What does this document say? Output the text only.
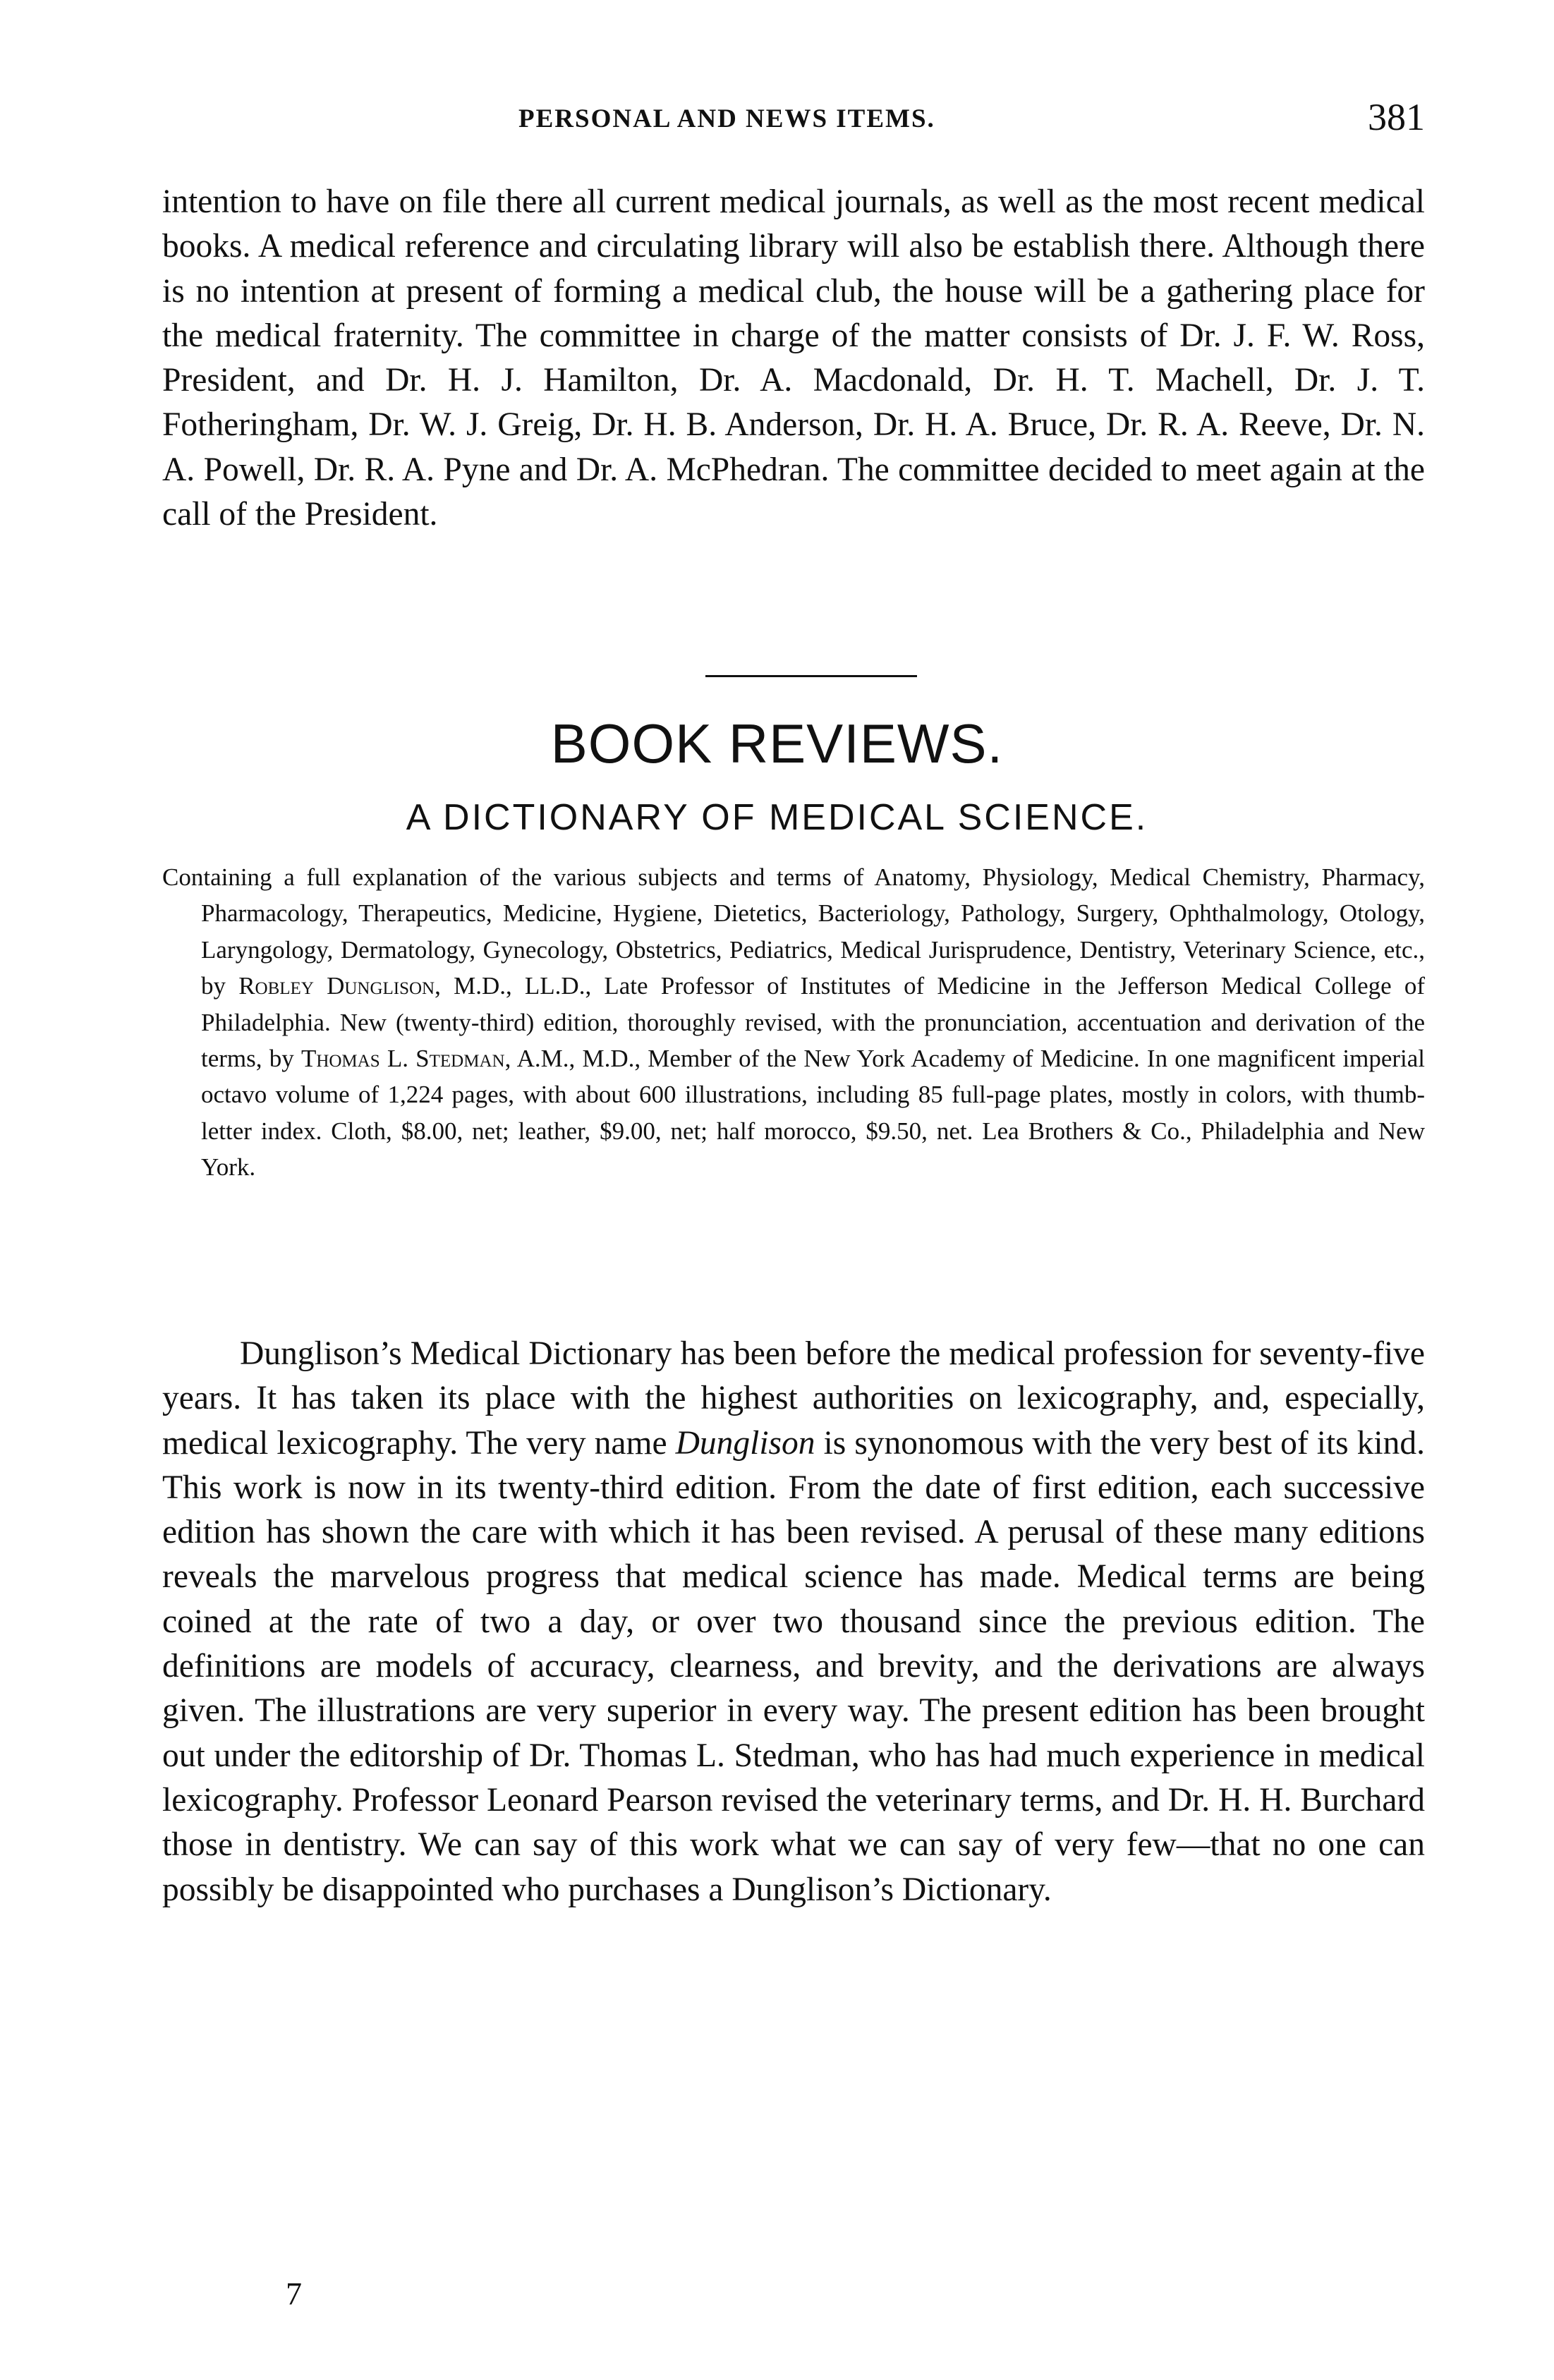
PERSONAL AND NEWS ITEMS.	381

intention to have on file there all current medical journals, as well as the most recent medical books. A medical reference and circulating library will also be establish there. Although there is no intention at present of forming a medical club, the house will be a gathering place for the medical fraternity. The committee in charge of the matter consists of Dr. J. F. W. Ross, President, and Dr. H. J. Hamilton, Dr. A. Macdonald, Dr. H. T. Machell, Dr. J. T. Fotheringham, Dr. W. J. Greig, Dr. H. B. Anderson, Dr. H. A. Bruce, Dr. R. A. Reeve, Dr. N. A. Powell, Dr. R. A. Pyne and Dr. A. McPhedran. The committee decided to meet again at the call of the President.

BOOK REVIEWS.
A DICTIONARY OF MEDICAL SCIENCE.

Containing a full explanation of the various subjects and terms of Anatomy, Physiology, Medical Chemistry, Pharmacy, Pharmacology, Therapeutics, Medicine, Hygiene, Dietetics, Bacteriology, Pathology, Surgery, Ophthalmology, Otology, Laryngology, Dermatology, Gynecology, Obstetrics, Pediatrics, Medical Jurisprudence, Dentistry, Veterinary Science, etc., by Robley Dunglison, M.D., LL.D., Late Professor of Institutes of Medicine in the Jefferson Medical College of Philadelphia. New (twenty-third) edition, thoroughly revised, with the pronunciation, accentuation and derivation of the terms, by Thomas L. Stedman, A.M., M.D., Member of the New York Academy of Medicine. In one magnificent imperial octavo volume of 1,224 pages, with about 600 illustrations, including 85 full-page plates, mostly in colors, with thumb-letter index. Cloth, $8.00, net; leather, $9.00, net; half morocco, $9.50, net. Lea Brothers & Co., Philadelphia and New York.

Dunglison’s Medical Dictionary has been before the medical profession for seventy-five years. It has taken its place with the highest authorities on lexicography, and, especially, medical lexicography. The very name Dunglison is synonomous with the very best of its kind. This work is now in its twenty-third edition. From the date of first edition, each successive edition has shown the care with which it has been revised. A perusal of these many editions reveals the marvelous progress that medical science has made. Medical terms are being coined at the rate of two a day, or over two thousand since the previous edition. The definitions are models of accuracy, clearness, and brevity, and the derivations are always given. The illustrations are very superior in every way. The present edition has been brought out under the editorship of Dr. Thomas L. Stedman, who has had much experience in medical lexicography. Professor Leonard Pearson revised the veterinary terms, and Dr. H. H. Burchard those in dentistry. We can say of this work what we can say of very few—that no one can possibly be disappointed who purchases a Dunglison’s Dictionary.

7
